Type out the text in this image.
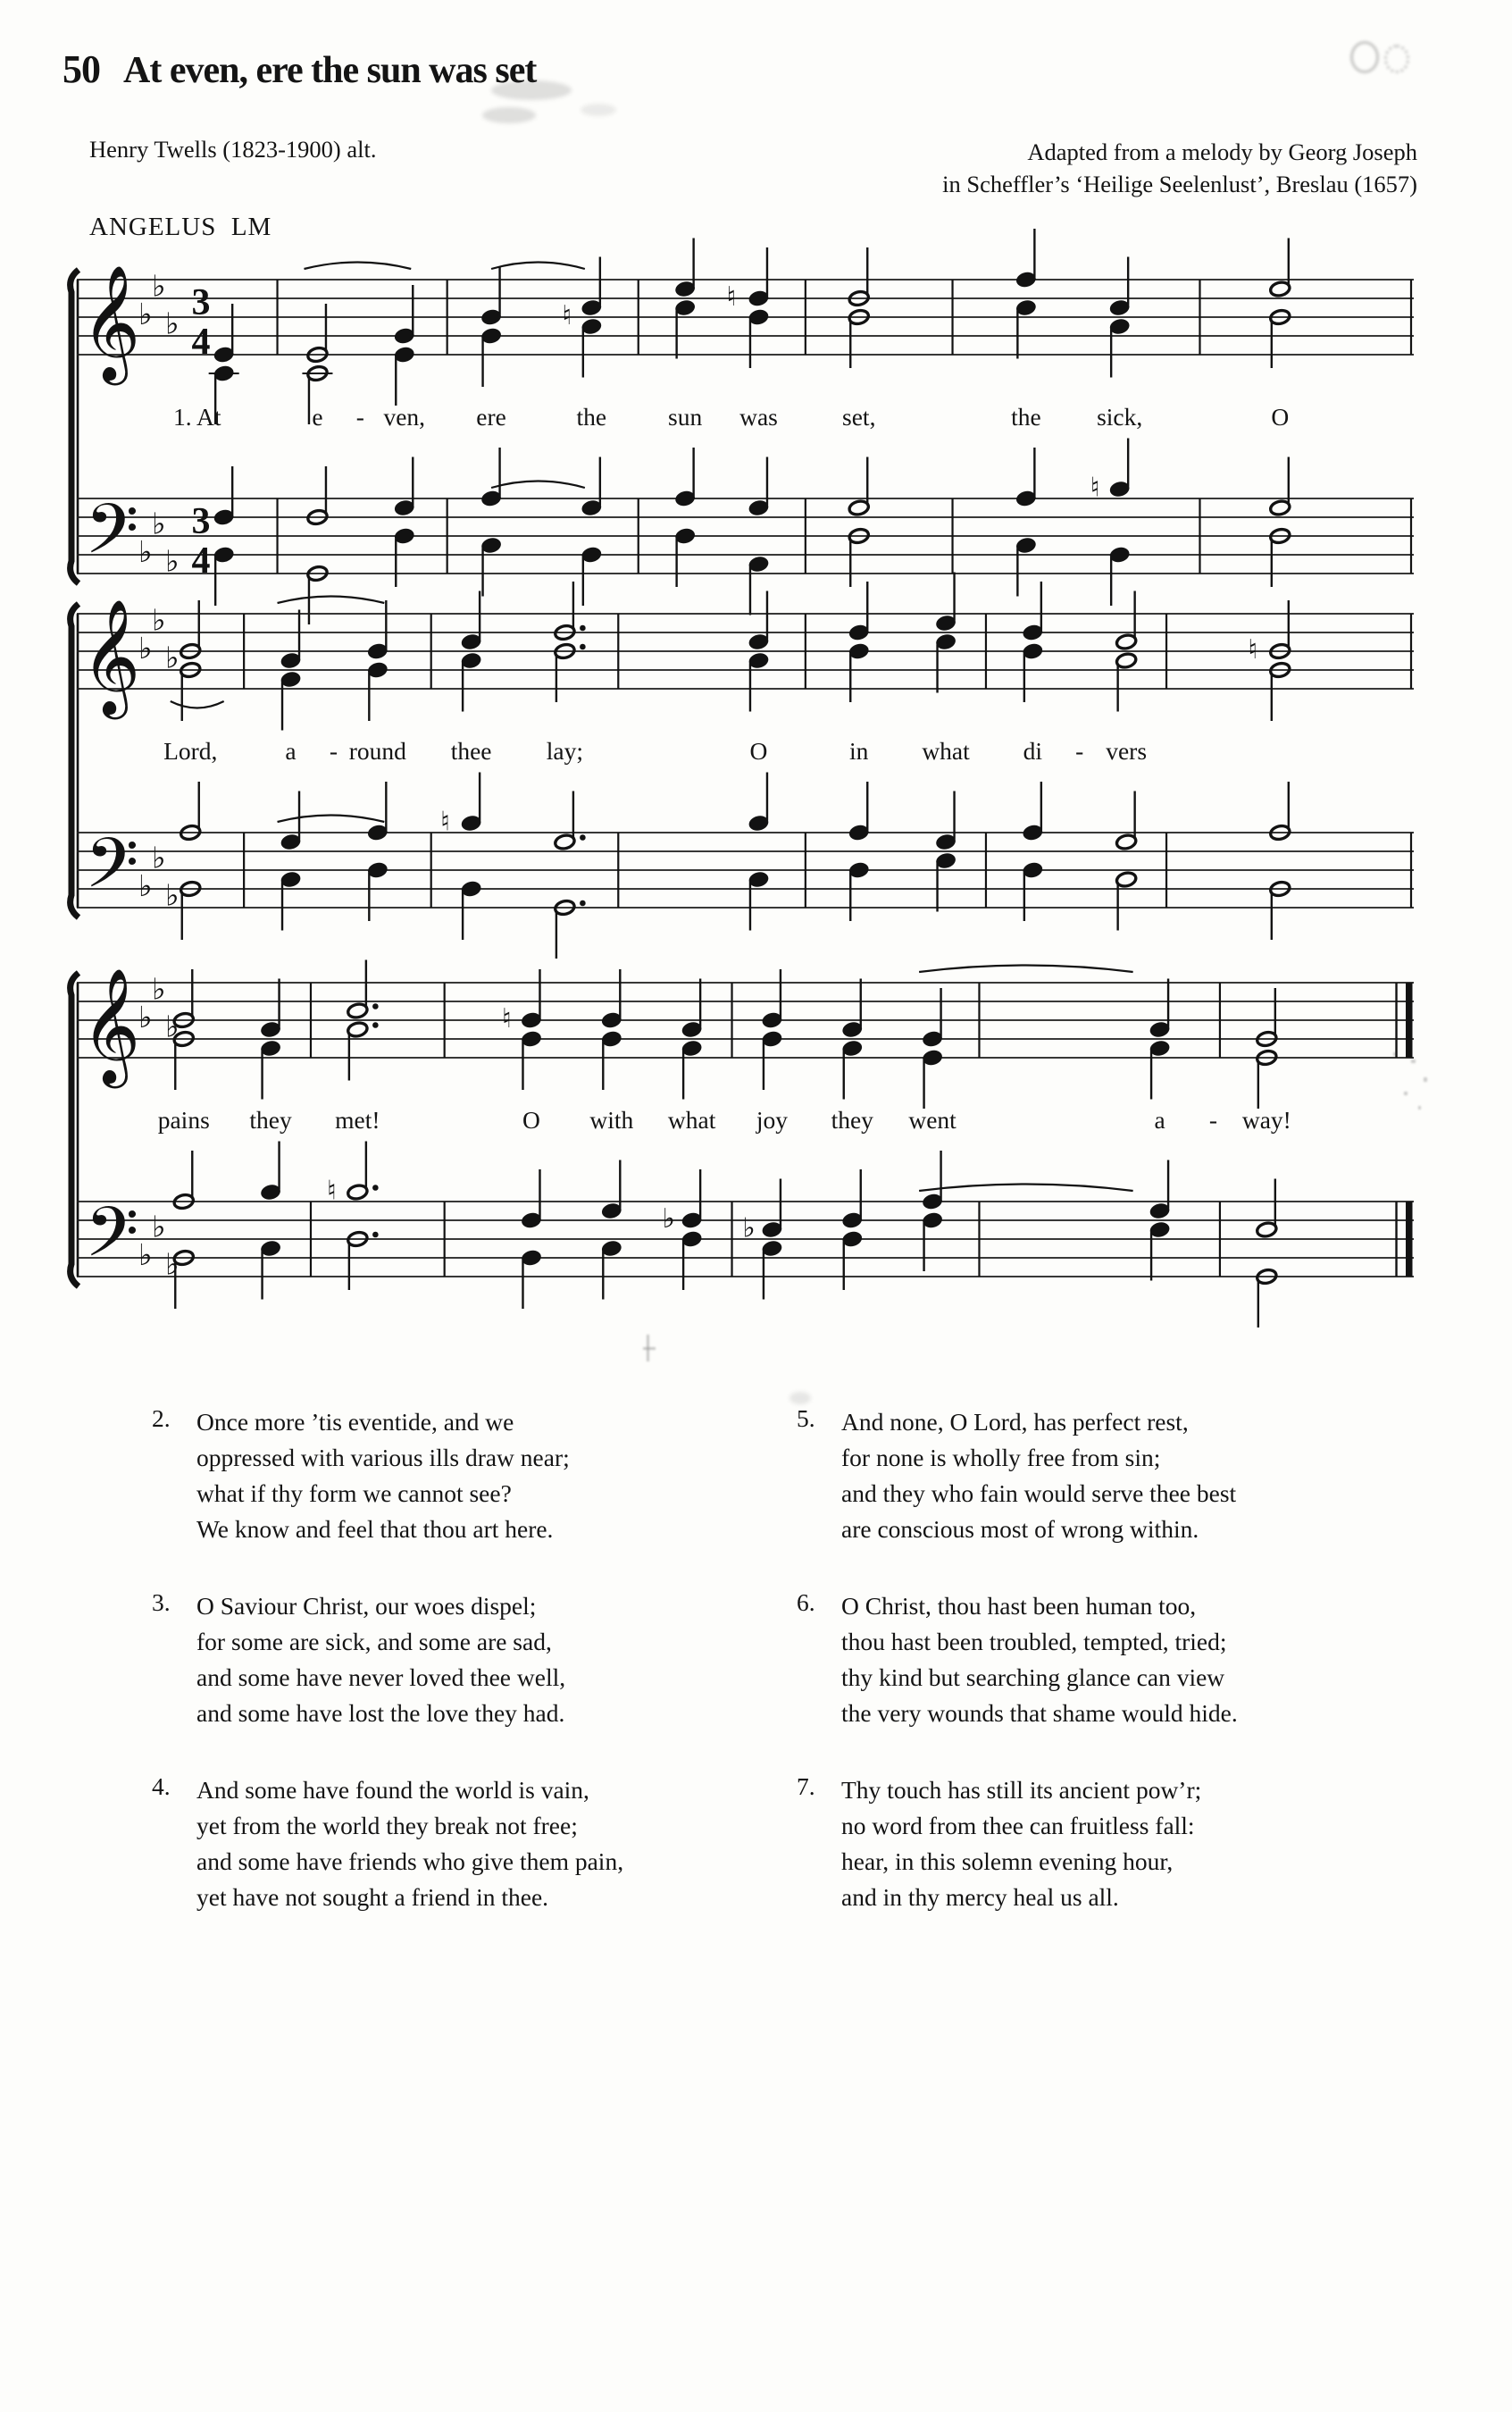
50 At even, ere the sun was set
Henry Twells (1823-1900) alt.	Adapted from a melody by Georg Joseph
in Scheffler’s ‘Heilige Seelenlust’, Breslau (1657)
ANGELUS  LM
𝄞
♭
♭
♭ 3
4
♮
♮
𝄢 ♭
♭
♭
3
4
♮
1. At	e - ven, ere	the	sun was	set,	the sick,	O
𝄞
♭
♭
♭	♮
𝄢 ♭
♭
♭
♮
Lord,	a - round thee lay;	O	in what di - vers
𝄞
♭
♭
♭	♮
𝄢 ♭
♭
♭
♮
♭	♭
pains they met!	O with what joy they went	a - way!
2.	Once more ’tis eventide, and we
oppressed with various ills draw near;
what if thy form we cannot see?
We know and feel that thou art here.
3.	O Saviour Christ, our woes dispel;
for some are sick, and some are sad,
and some have never loved thee well,
and some have lost the love they had.
4.	And some have found the world is vain,
yet from the world they break not free;
and some have friends who give them pain,
yet have not sought a friend in thee.
5.	And none, O Lord, has perfect rest,
for none is wholly free from sin;
and they who fain would serve thee best
are conscious most of wrong within.
6.	O Christ, thou hast been human too,
thou hast been troubled, tempted, tried;
thy kind but searching glance can view
the very wounds that shame would hide.
7.	Thy touch has still its ancient pow’r;
no word from thee can fruitless fall:
hear, in this solemn evening hour,
and in thy mercy heal us all.
